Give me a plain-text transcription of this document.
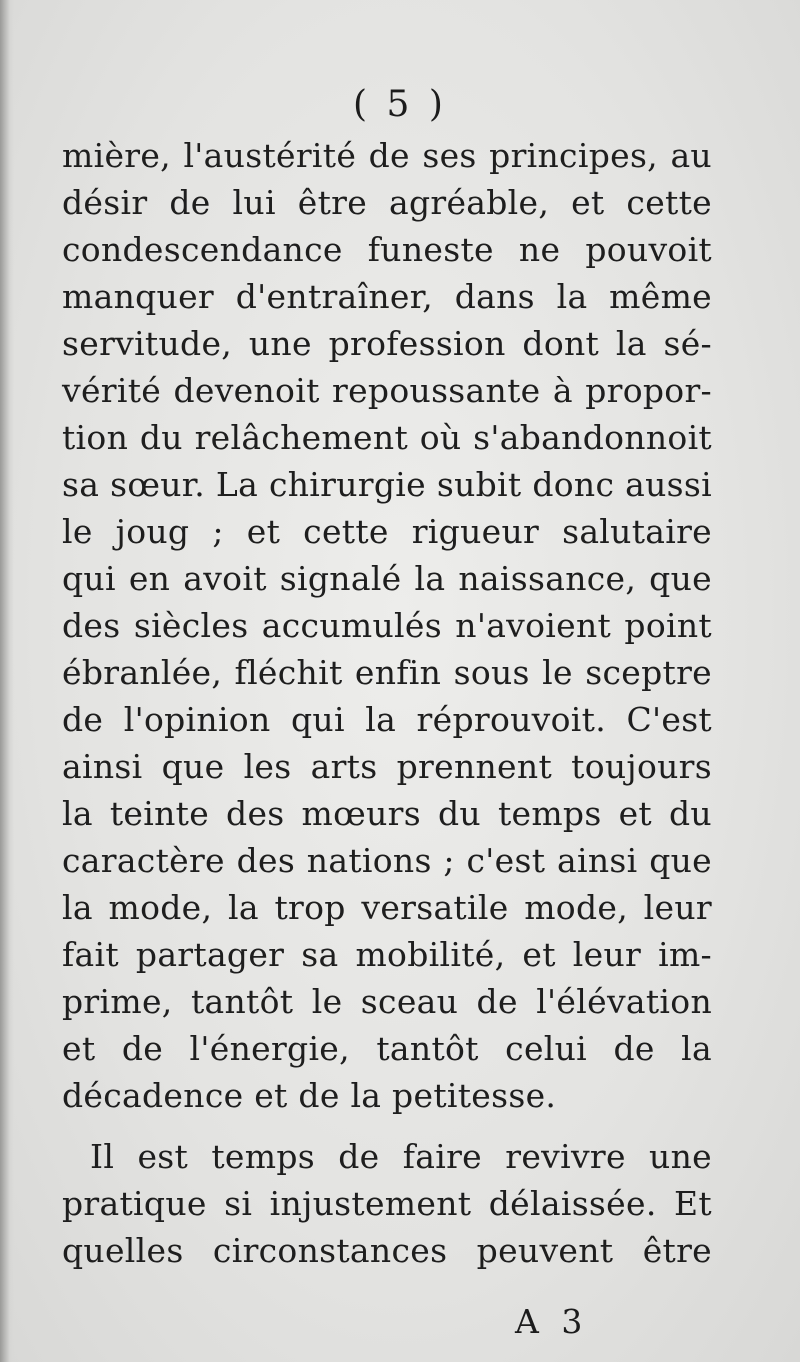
( 5 )
mière, l'austérité de ses principes, au
désir de lui être agréable, et cette
condescendance funeste ne pouvoit
manquer d'entraîner, dans la même
servitude, une profession dont la sé-
vérité devenoit repoussante à propor-
tion du relâchement où s'abandonnoit
sa sœur. La chirurgie subit donc aussi
le joug ; et cette rigueur salutaire
qui en avoit signalé la naissance, que
des siècles accumulés n'avoient point
ébranlée, fléchit enfin sous le sceptre
de l'opinion qui la réprouvoit. C'est
ainsi que les arts prennent toujours
la teinte des mœurs du temps et du
caractère des nations ; c'est ainsi que
la mode, la trop versatile mode, leur
fait partager sa mobilité, et leur im-
prime, tantôt le sceau de l'élévation
et de l'énergie, tantôt celui de la
décadence et de la petitesse.
Il est temps de faire revivre une
pratique si injustement délaissée. Et
quelles circonstances peuvent être
A 3
